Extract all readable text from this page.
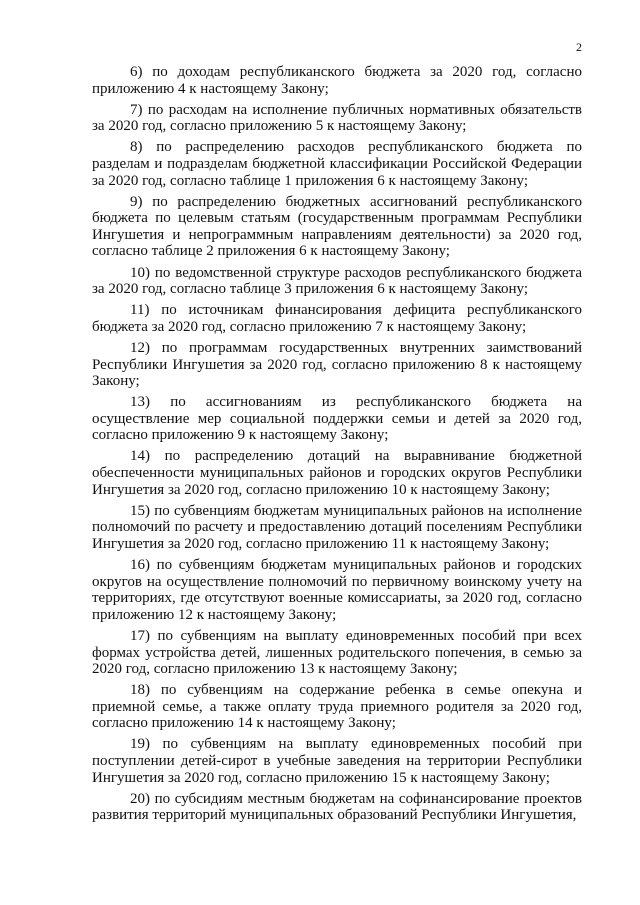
2

6) по доходам республиканского бюджета за 2020 год, согласно приложению 4 к настоящему Закону;

7) по расходам на исполнение публичных нормативных обязательств за 2020 год, согласно приложению 5 к настоящему Закону;

8) по распределению расходов республиканского бюджета по разделам и подразделам бюджетной классификации Российской Федерации за 2020 год, согласно таблице 1 приложения 6 к настоящему Закону;

9) по распределению бюджетных ассигнований республиканского бюджета по целевым статьям (государственным программам Республики Ингушетия и непрограммным направлениям деятельности) за 2020 год, согласно таблице 2 приложения 6 к настоящему Закону;

10) по ведомственной структуре расходов республиканского бюджета за 2020 год, согласно таблице 3 приложения 6 к настоящему Закону;

11) по источникам финансирования дефицита республиканского бюджета за 2020 год, согласно приложению 7 к настоящему Закону;

12) по программам государственных внутренних заимствований Республики Ингушетия за 2020 год, согласно приложению 8 к настоящему Закону;

13) по ассигнованиям из республиканского бюджета на осуществление мер социальной поддержки семьи и детей за 2020 год, согласно приложению 9 к настоящему Закону;

14) по распределению дотаций на выравнивание бюджетной обеспеченности муниципальных районов и городских округов Республики Ингушетия за 2020 год, согласно приложению 10 к настоящему Закону;

15) по субвенциям бюджетам муниципальных районов на исполнение полномочий по расчету и предоставлению дотаций поселениям Республики Ингушетия за 2020 год, согласно приложению 11 к настоящему Закону;

16) по субвенциям бюджетам муниципальных районов и городских округов на осуществление полномочий по первичному воинскому учету на территориях, где отсутствуют военные комиссариаты, за 2020 год, согласно приложению 12 к настоящему Закону;

17) по субвенциям на выплату единовременных пособий при всех формах устройства детей, лишенных родительского попечения, в семью за 2020 год, согласно приложению 13 к настоящему Закону;

18) по субвенциям на содержание ребенка в семье опекуна и приемной семье, а также оплату труда приемного родителя за 2020 год, согласно приложению 14 к настоящему Закону;

19) по субвенциям на выплату единовременных пособий при поступлении детей-сирот в учебные заведения на территории Республики Ингушетия за 2020 год, согласно приложению 15 к настоящему Закону;

20) по субсидиям местным бюджетам на софинансирование проектов развития территорий муниципальных образований Республики Ингушетия,
